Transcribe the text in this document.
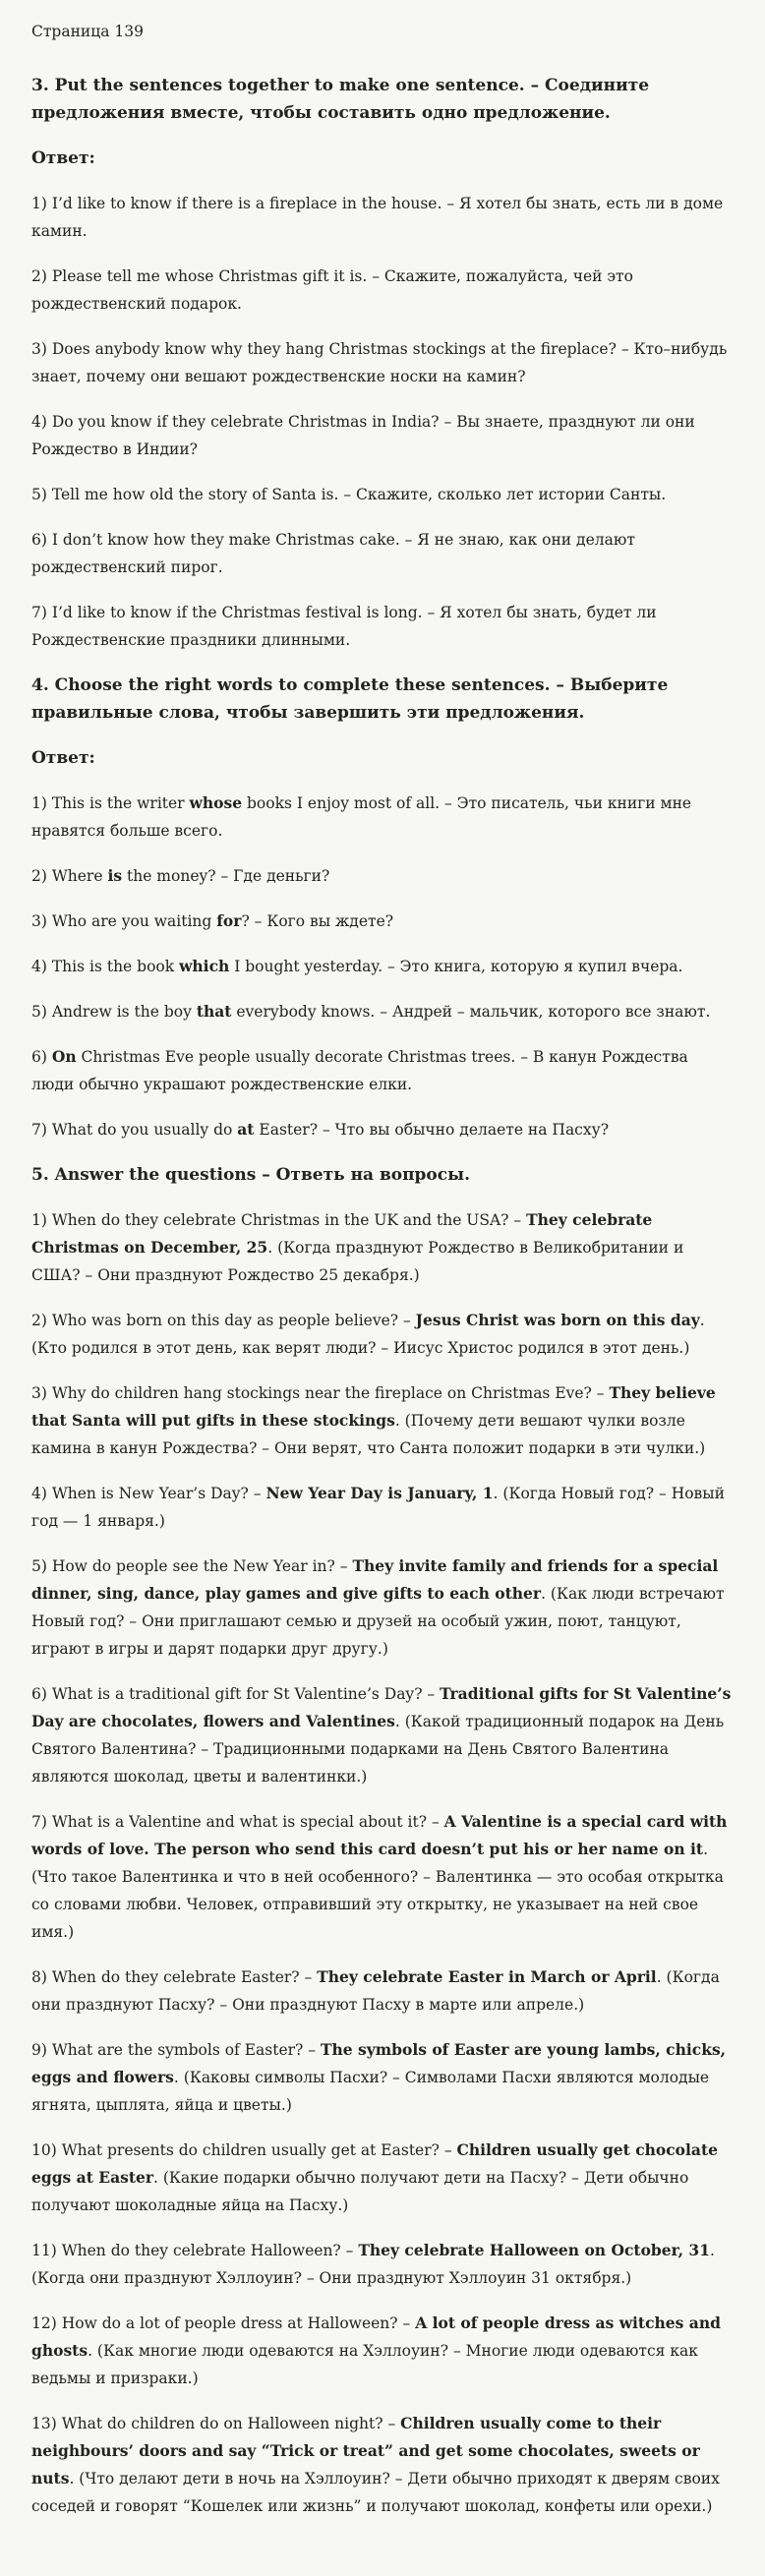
Страница 139
3. Put the sentences together to make one sentence. – Соедините предложения вместе, чтобы составить одно предложение.
Ответ:
1) I’d like to know if there is a fireplace in the house. – Я хотел бы знать, есть ли в доме камин.
2) Please tell me whose Christmas gift it is. – Скажите, пожалуйста, чей это рождественский подарок.
3) Does anybody know why they hang Christmas stockings at the fireplace? – Кто–нибудь знает, почему они вешают рождественские носки на камин?
4) Do you know if they celebrate Christmas in India? – Вы знаете, празднуют ли они Рождество в Индии?
5) Tell me how old the story of Santa is. – Скажите, сколько лет истории Санты.
6) I don’t know how they make Christmas cake. – Я не знаю, как они делают рождественский пирог.
7) I’d like to know if the Christmas festival is long. – Я хотел бы знать, будет ли Рождественские праздники длинными.
4. Choose the right words to complete these sentences. – Выберите правильные слова, чтобы завершить эти предложения.
Ответ:
1) This is the writer whose books I enjoy most of all. – Это писатель, чьи книги мне нравятся больше всего.
2) Where is the money? – Где деньги?
3) Who are you waiting for? – Кого вы ждете?
4) This is the book which I bought yesterday. – Это книга, которую я купил вчера.
5) Andrew is the boy that everybody knows. – Андрей – мальчик, которого все знают.
6) On Christmas Eve people usually decorate Christmas trees. – В канун Рождества люди обычно украшают рождественские елки.
7) What do you usually do at Easter? – Что вы обычно делаете на Пасху?
5. Answer the questions – Ответь на вопросы.
1) When do they celebrate Christmas in the UK and the USA? – They celebrate Christmas on December, 25. (Когда празднуют Рождество в Великобритании и США? – Они празднуют Рождество 25 декабря.)
2) Who was born on this day as people believe? – Jesus Christ was born on this day. (Кто родился в этот день, как верят люди? – Иисус Христос родился в этот день.)
3) Why do children hang stockings near the fireplace on Christmas Eve? – They believe that Santa will put gifts in these stockings. (Почему дети вешают чулки возле камина в канун Рождества? – Они верят, что Санта положит подарки в эти чулки.)
4) When is New Year’s Day? – New Year Day is January, 1. (Когда Новый год? – Новый год — 1 января.)
5) How do people see the New Year in? – They invite family and friends for a special dinner, sing, dance, play games and give gifts to each other. (Как люди встречают Новый год? – Они приглашают семью и друзей на особый ужин, поют, танцуют, играют в игры и дарят подарки друг другу.)
6) What is a traditional gift for St Valentine’s Day? – Traditional gifts for St Valentine’s Day are chocolates, flowers and Valentines. (Какой традиционный подарок на День Святого Валентина? – Традиционными подарками на День Святого Валентина являются шоколад, цветы и валентинки.)
7) What is a Valentine and what is special about it? – A Valentine is a special card with words of love. The person who send this card doesn’t put his or her name on it. (Что такое Валентинка и что в ней особенного? – Валентинка — это особая открытка со словами любви. Человек, отправивший эту открытку, не указывает на ней свое имя.)
8) When do they celebrate Easter? – They celebrate Easter in March or April. (Когда они празднуют Пасху? – Они празднуют Пасху в марте или апреле.)
9) What are the symbols of Easter? – The symbols of Easter are young lambs, chicks, eggs and flowers. (Каковы символы Пасхи? – Символами Пасхи являются молодые ягнята, цыплята, яйца и цветы.)
10) What presents do children usually get at Easter? – Children usually get chocolate eggs at Easter. (Какие подарки обычно получают дети на Пасху? – Дети обычно получают шоколадные яйца на Пасху.)
11) When do they celebrate Halloween? – They celebrate Halloween on October, 31. (Когда они празднуют Хэллоуин? – Они празднуют Хэллоуин 31 октября.)
12) How do a lot of people dress at Halloween? – A lot of people dress as witches and ghosts. (Как многие люди одеваются на Хэллоуин? – Многие люди одеваются как ведьмы и призраки.)
13) What do children do on Halloween night? – Children usually come to their neighbours’ doors and say “Trick or treat” and get some chocolates, sweets or nuts. (Что делают дети в ночь на Хэллоуин? – Дети обычно приходят к дверям своих соседей и говорят “Кошелек или жизнь” и получают шоколад, конфеты или орехи.)
